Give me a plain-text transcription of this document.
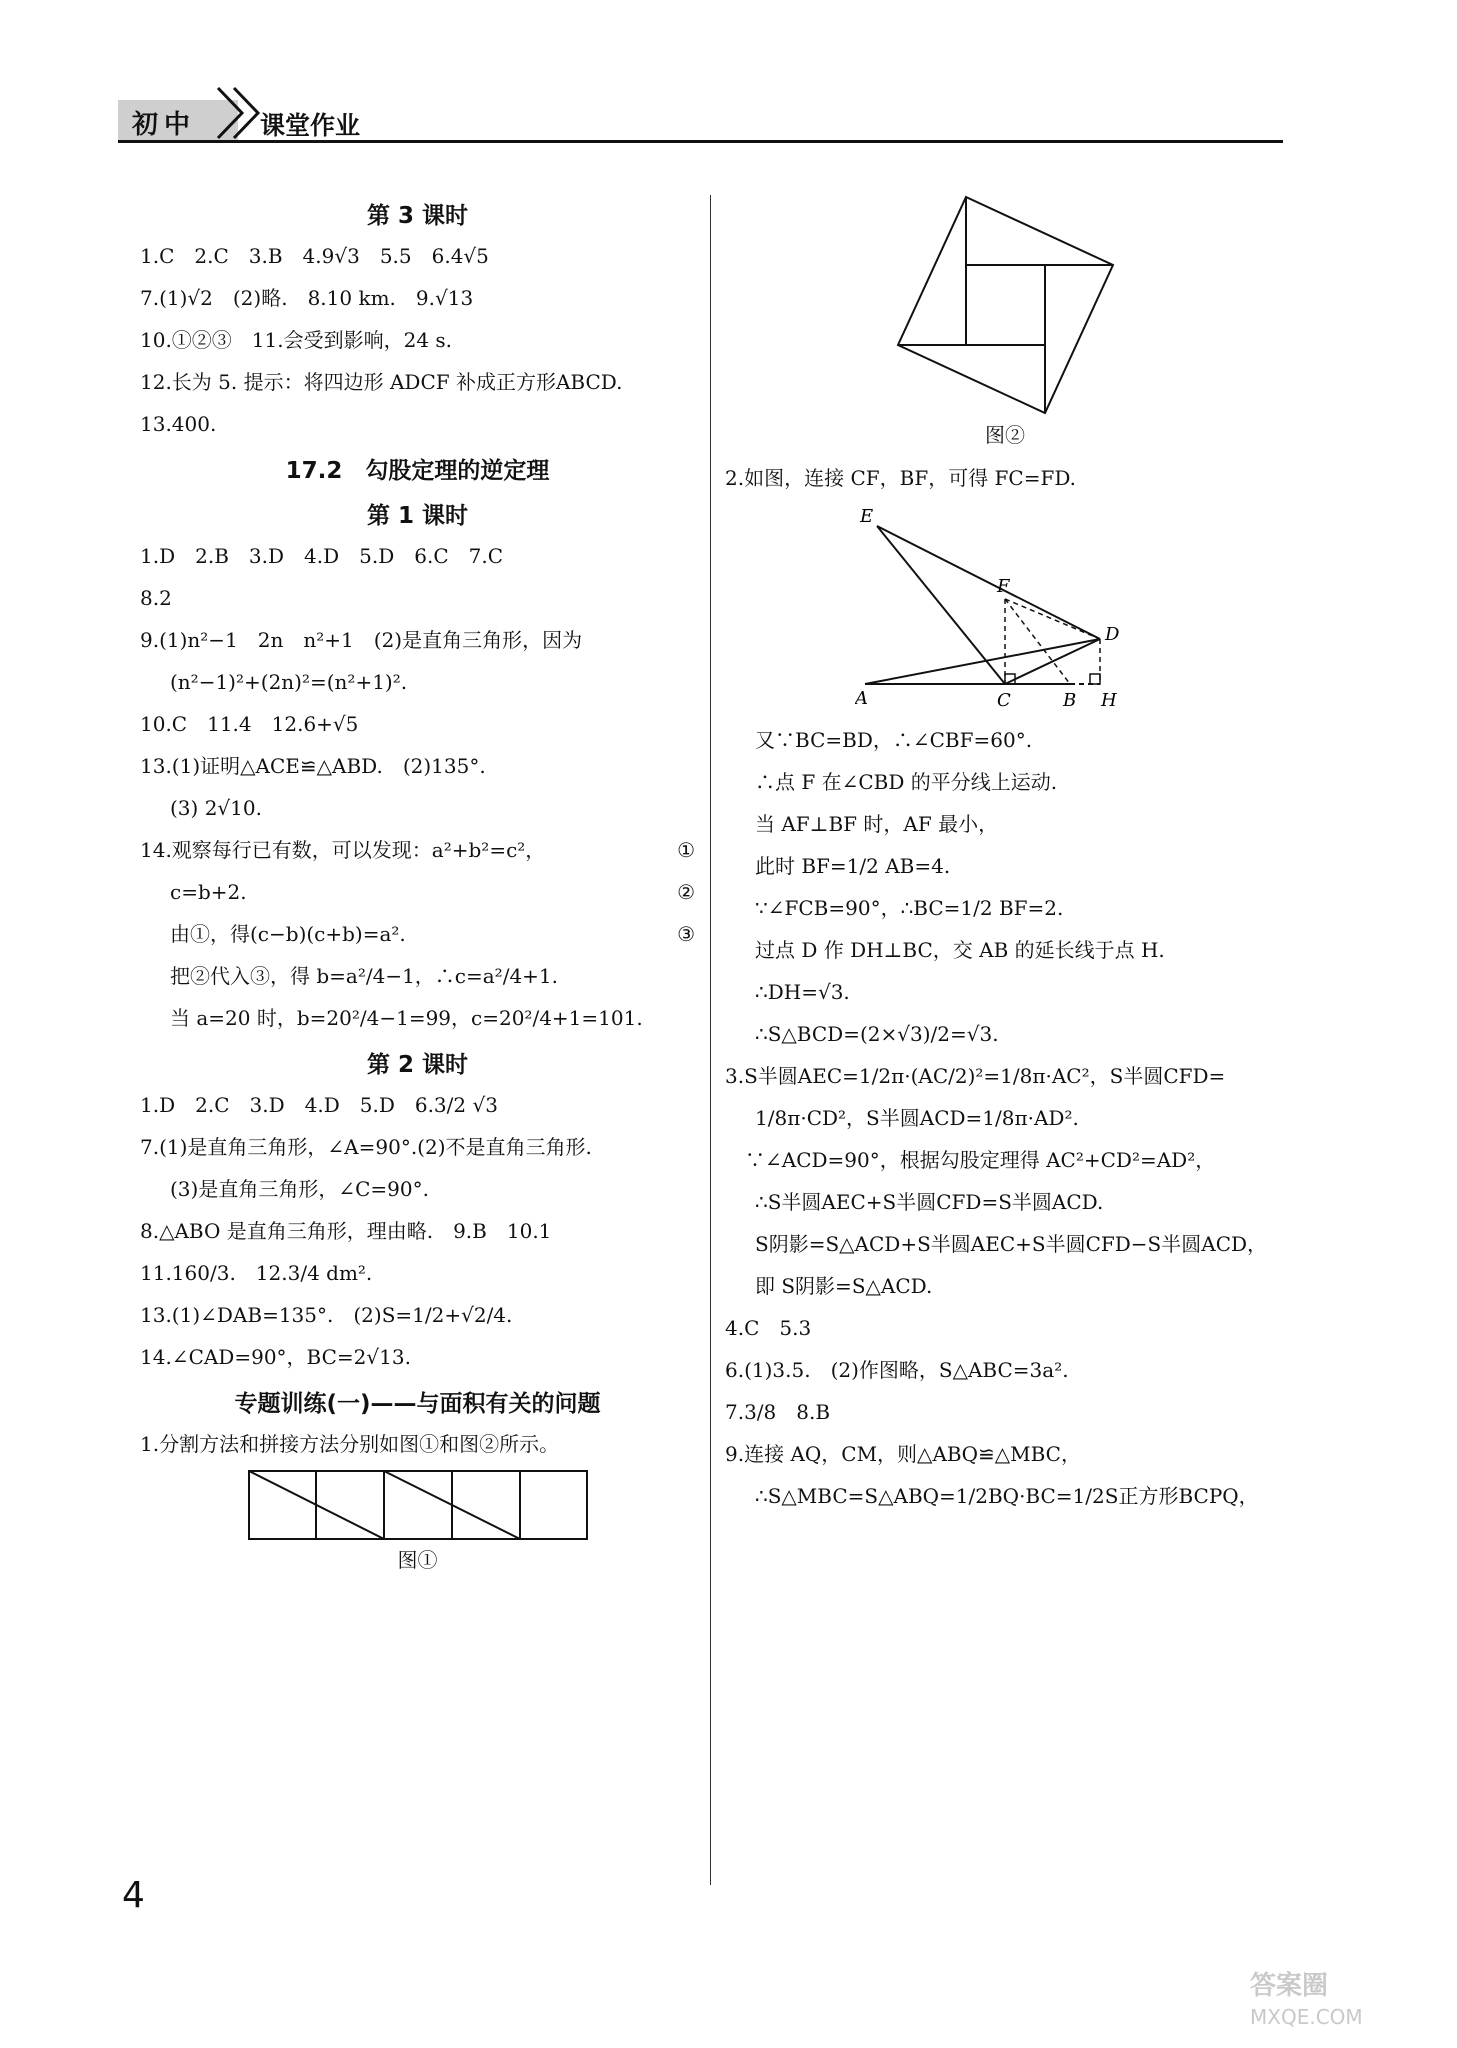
初中	课堂作业
第 3 课时
1.C　2.C　3.B　4.9√3　5.5　6.4√5
7.(1)√2　(2)略.　8.10 km.　9.√13
10.①②③　11.会受到影响，24 s.
12.长为 5. 提示：将四边形 ADCF 补成正方形ABCD.
13.400.
17.2　勾股定理的逆定理
第 1 课时
1.D　2.B　3.D　4.D　5.D　6.C　7.C
8.2
9.(1)n²−1　2n　n²+1　(2)是直角三角形，因为
(n²−1)²+(2n)²=(n²+1)².
10.C　11.4　12.6+√5
13.(1)证明△ACE≌△ABD.　(2)135°.
(3) 2√10.
①
14.观察每行已有数，可以发现：a²+b²=c²，
②
c=b+2.
③
由①，得(c−b)(c+b)=a².
把②代入③，得 b=a²/4−1，∴c=a²/4+1.
当 a=20 时，b=20²/4−1=99，c=20²/4+1=101.
第 2 课时
1.D　2.C　3.D　4.D　5.D　6.3/2 √3
7.(1)是直角三角形，∠A=90°.(2)不是直角三角形.
(3)是直角三角形，∠C=90°.
8.△ABO 是直角三角形，理由略.　9.B　10.1
11.160/3.　12.3/4 dm².
13.(1)∠DAB=135°.　(2)S=1/2+√2/4.
14.∠CAD=90°，BC=2√13.
专题训练(一)——与面积有关的问题
1.分割方法和拼接方法分别如图①和图②所示。
图①
图②
2.如图，连接 CF，BF，可得 FC=FD.
E
F
D
A	C	B H
又∵BC=BD，∴∠CBF=60°.
∴点 F 在∠CBD 的平分线上运动.
当 AF⊥BF 时，AF 最小，
此时 BF=1/2 AB=4.
∵∠FCB=90°，∴BC=1/2 BF=2.
过点 D 作 DH⊥BC，交 AB 的延长线于点 H.
∴DH=√3.
∴S△BCD=(2×√3)/2=√3.
3.S半圆AEC=1/2π·(AC/2)²=1/8π·AC²，S半圆CFD=
1/8π·CD²，S半圆ACD=1/8π·AD².
　∵∠ACD=90°，根据勾股定理得 AC²+CD²=AD²，
∴S半圆AEC+S半圆CFD=S半圆ACD.
S阴影=S△ACD+S半圆AEC+S半圆CFD−S半圆ACD，
即 S阴影=S△ACD.
4.C　5.3
6.(1)3.5.　(2)作图略，S△ABC=3a².
7.3/8　8.B
9.连接 AQ，CM，则△ABQ≌△MBC，
∴S△MBC=S△ABQ=1/2BQ·BC=1/2S正方形BCPQ，
4
答案圈
MXQE.COM
